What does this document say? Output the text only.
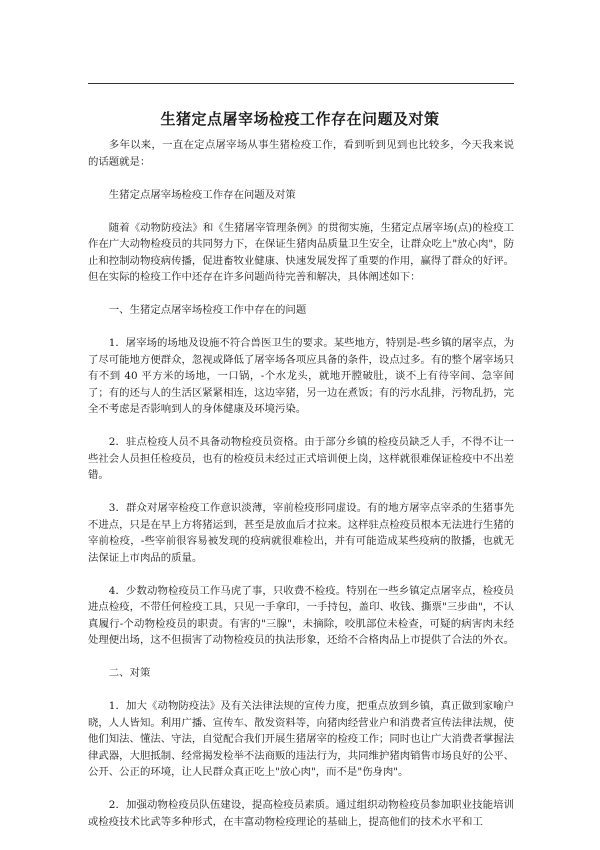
生猪定点屠宰场检疫工作存在问题及对策

多年以来，一直在定点屠宰场从事生猪检疫工作，看到听到见到也比较多，今天我来说的话题就是：

生猪定点屠宰场检疫工作存在问题及对策

随着《动物防疫法》和《生猪屠宰管理条例》的贯彻实施，生猪定点屠宰场(点)的检疫工作在广大动物检疫员的共同努力下，在保证生猪肉品质量卫生安全，让群众吃上"放心肉"，防止和控制动物疫病传播，促进畜牧业健康、快速发展发挥了重要的作用，赢得了群众的好评。但在实际的检疫工作中还存在许多问题尚待完善和解决，具体阐述如下：

一、生猪定点屠宰场检疫工作中存在的问题

1．屠宰场的场地及设施不符合兽医卫生的要求。某些地方，特别是-些乡镇的屠宰点，为了尽可能地方便群众，忽视或降低了屠宰场各项应具备的条件，设点过多。有的整个屠宰场只有不到 40 平方米的场地，一口锅，-个水龙头，就地开膛破肚，谈不上有待宰间、急宰间了；有的还与人的生活区紧紧相连，这边宰猪，另一边在煮饭；有的污水乱排，污物乱扔，完全不考虑是否影响到人的身体健康及环境污染。

2．驻点检疫人员不具备动物检疫员资格。由于部分乡镇的检疫员缺乏人手，不得不让一些社会人员担任检疫员，也有的检疫员未经过正式培训便上岗，这样就很难保证检疫中不出差错。

3．群众对屠宰检疫工作意识淡薄，宰前检疫形同虚设。有的地方屠宰点宰杀的生猪事先不进点，只是在早上方将猪运到，甚至是放血后才拉来。这样驻点检疫员根本无法进行生猪的宰前检疫，-些宰前很容易被发现的疫病就很难检出，并有可能造成某些疫病的散播，也就无法保证上市肉品的质量。

4．少数动物检疫员工作马虎了事，只收费不检疫。特别在一些乡镇定点屠宰点，检疫员进点检疫，不带任何检疫工具，只见一手拿印，一手持包，盖印、收钱、撕票"三步曲"，不认真履行-个动物检疫员的职责。有害的"三腺"，未摘除，咬肌部位未检查，可疑的病害肉未经处理便出场，这不但损害了动物检疫员的执法形象，还给不合格肉品上市提供了合法的外衣。

二、对策

1．加大《动物防疫法》及有关法律法规的宣传力度，把重点放到乡镇，真正做到家喻户晓，人人皆知。利用广播、宣传车、散发资料等，向猪肉经营业户和消费者宣传法律法规，使他们知法、懂法、守法，自觉配合我们开展生猪屠宰的检疫工作；同时也让广大消费者掌握法律武器，大胆抵制、经常揭发检举不法商贩的违法行为，共同维护猪肉销售市场良好的公平、公开、公正的环境，让人民群众真正吃上"放心肉"，而不是"伤身肉"。

2．加强动物检疫员队伍建设，提高检疫员素质。通过组织动物检疫员参加职业技能培训或检疫技术比武等多种形式，在丰富动物检疫理论的基础上，提高他们的技术水平和工
